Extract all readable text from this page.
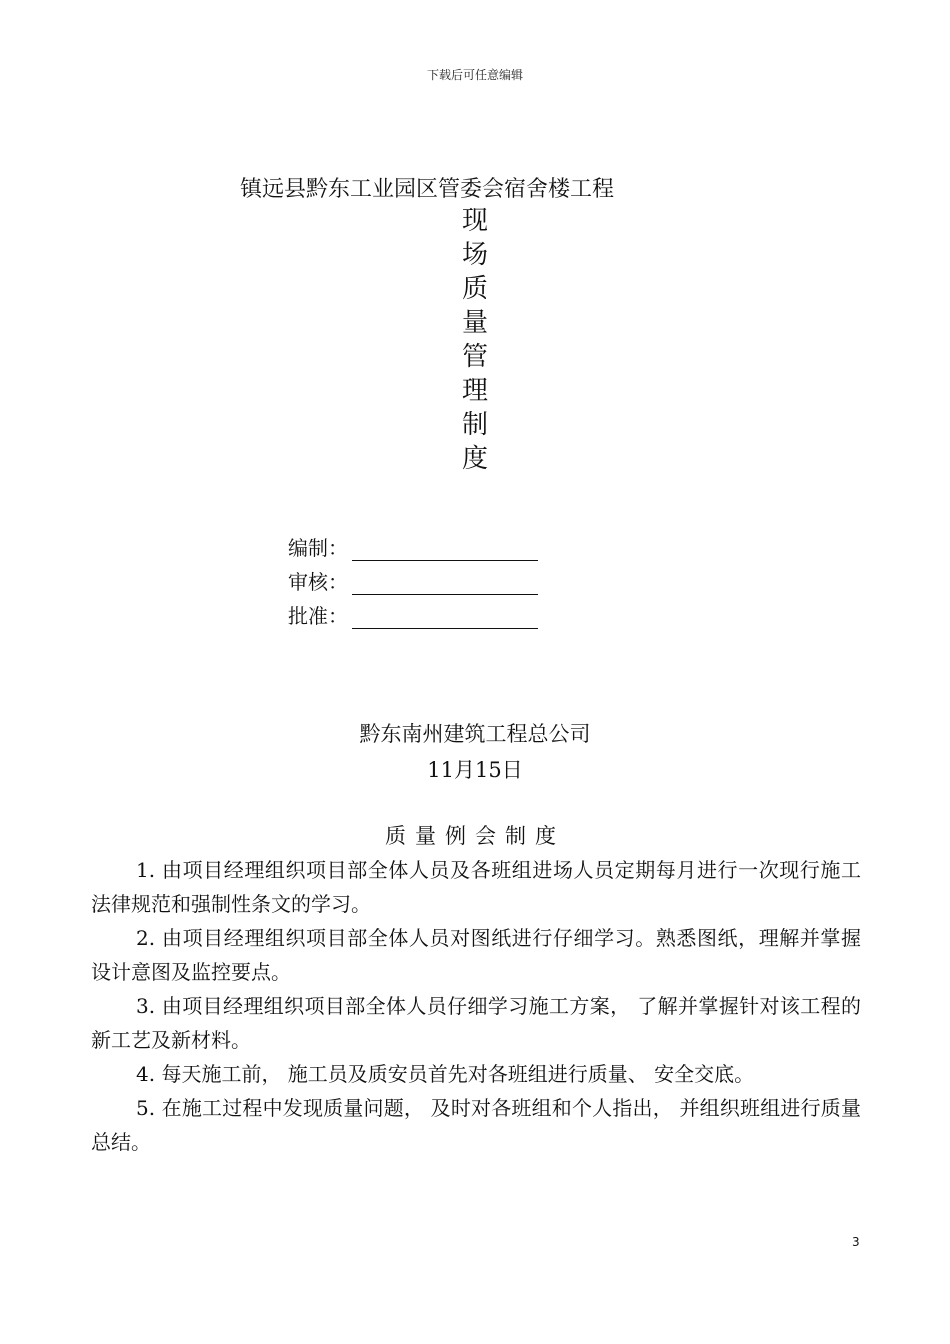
下载后可任意编辑
镇远县黔东工业园区管委会宿舍楼工程
现
场
质
量
管
理
制
度
编制：
审核：
批准：
黔东南州建筑工程总公司
11月15日
质量例会制度
1. 由项目经理组织项目部全体人员及各班组进场人员定期每月进行一次现行施工法律规范和强制性条文的学习。
2. 由项目经理组织项目部全体人员对图纸进行仔细学习。熟悉图纸，理解并掌握设计意图及监控要点。
3. 由项目经理组织项目部全体人员仔细学习施工方案， 了解并掌握针对该工程的新工艺及新材料。
4. 每天施工前， 施工员及质安员首先对各班组进行质量、 安全交底。
5. 在施工过程中发现质量问题， 及时对各班组和个人指出， 并组织班组进行质量总结。
3
